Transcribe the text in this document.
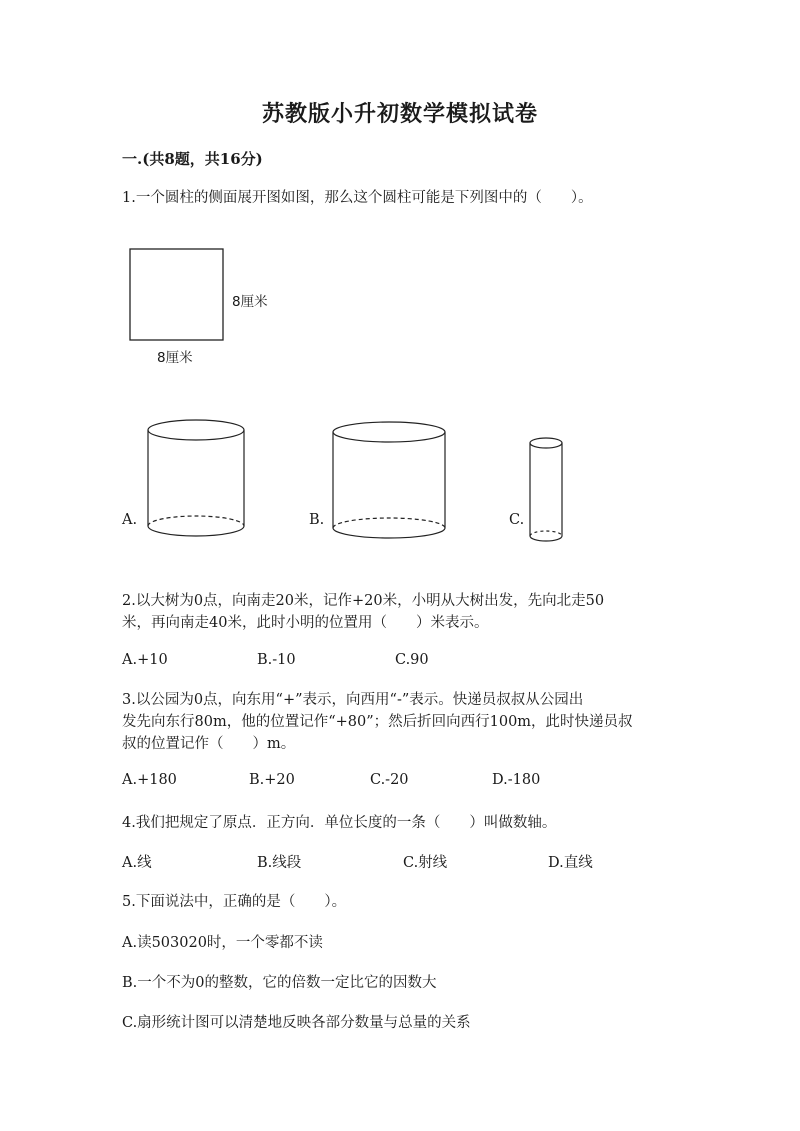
苏教版小升初数学模拟试卷
一.(共8题，共16分)
1.一个圆柱的侧面展开图如图，那么这个圆柱可能是下列图中的（　　）。
8厘米
8厘米
A.	B.	C.
2.以大树为0点，向南走20米，记作+20米，小明从大树出发，先向北走50
米，再向南走40米，此时小明的位置用（　　）米表示。
A.+10	B.-10	C.90
3.以公园为0点，向东用“+”表示，向西用“-”表示。快递员叔叔从公园出
发先向东行80m，他的位置记作“+80”；然后折回向西行100m，此时快递员叔
叔的位置记作（　　）m。
A.+180	B.+20	C.-20	D.-180
4.我们把规定了原点．正方向．单位长度的一条（　　）叫做数轴。
A.线	B.线段	C.射线	D.直线
5.下面说法中，正确的是（　　）。
A.读503020时，一个零都不读
B.一个不为0的整数，它的倍数一定比它的因数大
C.扇形统计图可以清楚地反映各部分数量与总量的关系
